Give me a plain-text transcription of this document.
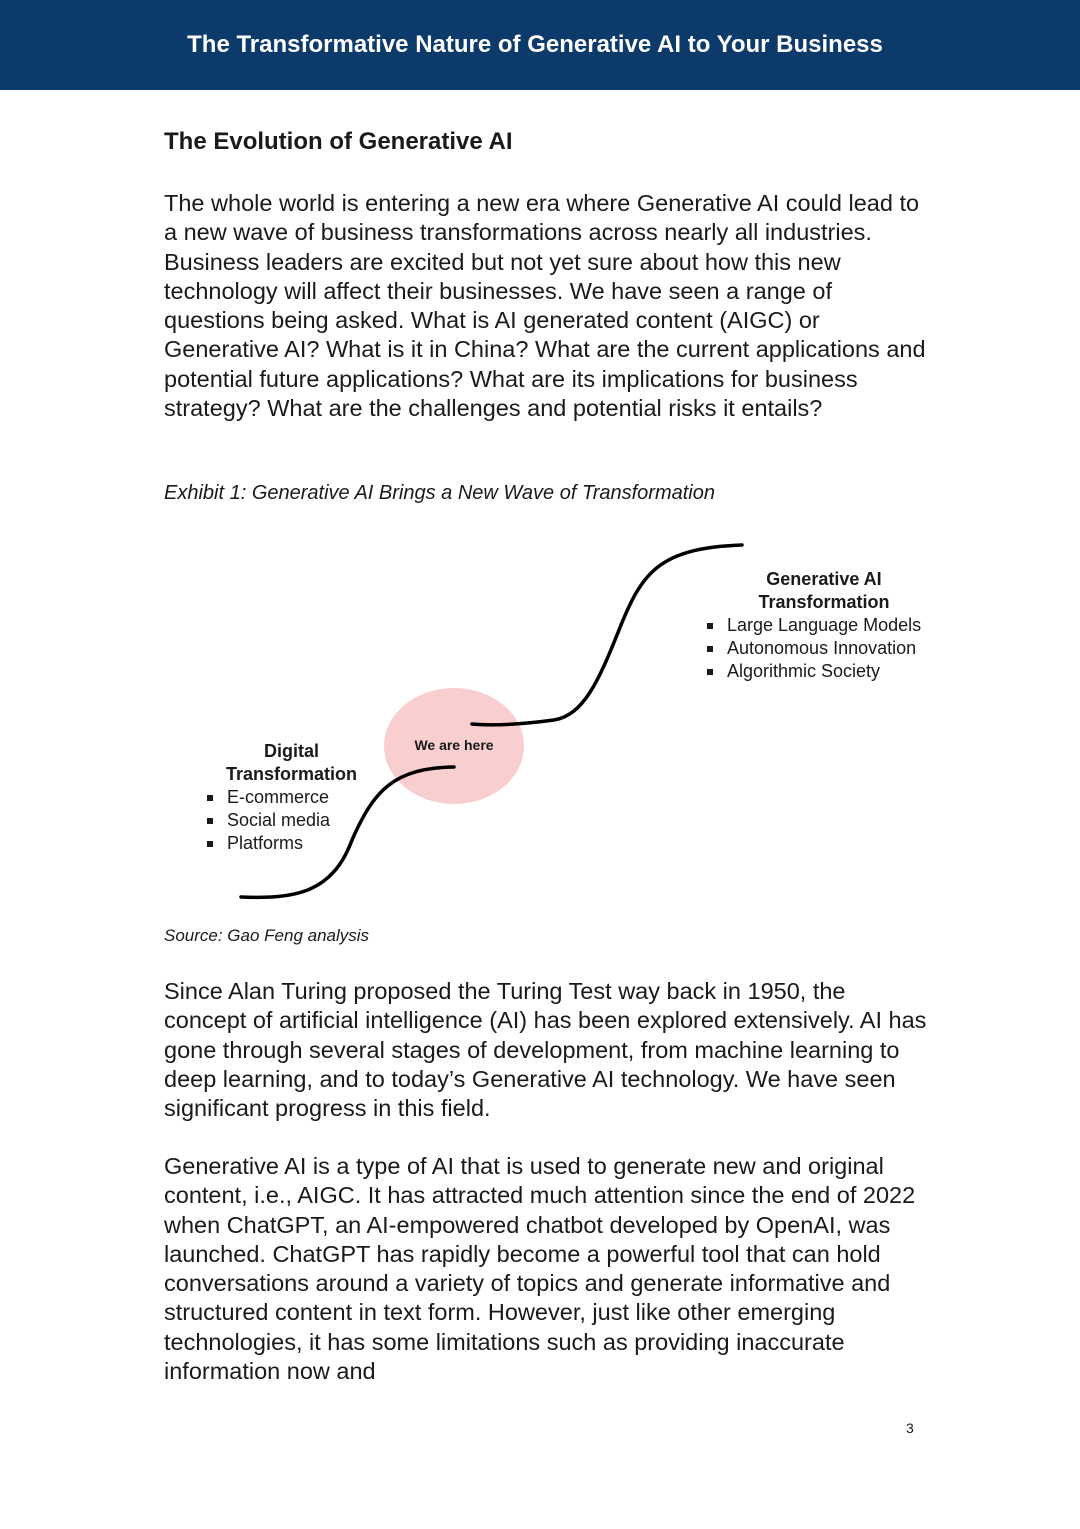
The Transformative Nature of Generative AI to Your Business
The Evolution of Generative AI
The whole world is entering a new era where Generative AI could lead to a new wave of business transformations across nearly all industries. Business leaders are excited but not yet sure about how this new technology will affect their businesses. We have seen a range of questions being asked. What is AI generated content (AIGC) or Generative AI? What is it in China? What are the current applications and potential future applications? What are its implications for business strategy? What are the challenges and potential risks it entails?
Exhibit 1: Generative AI Brings a New Wave of Transformation
We are here
Digital
Transformation
E-commerce
Social media
Platforms
Generative AI
Transformation
Large Language Models
Autonomous Innovation
Algorithmic Society
Source: Gao Feng analysis
Since Alan Turing proposed the Turing Test way back in 1950, the concept of artificial intelligence (AI) has been explored extensively. AI has gone through several stages of development, from machine learning to deep learning, and to today’s Generative AI technology. We have seen significant progress in this field.
Generative AI is a type of AI that is used to generate new and original content, i.e., AIGC. It has attracted much attention since the end of 2022 when ChatGPT, an AI-empowered chatbot developed by OpenAI, was launched. ChatGPT has rapidly become a powerful tool that can hold conversations around a variety of topics and generate informative and structured content in text form. However, just like other emerging technologies, it has some limitations such as providing inaccurate information now and
3
